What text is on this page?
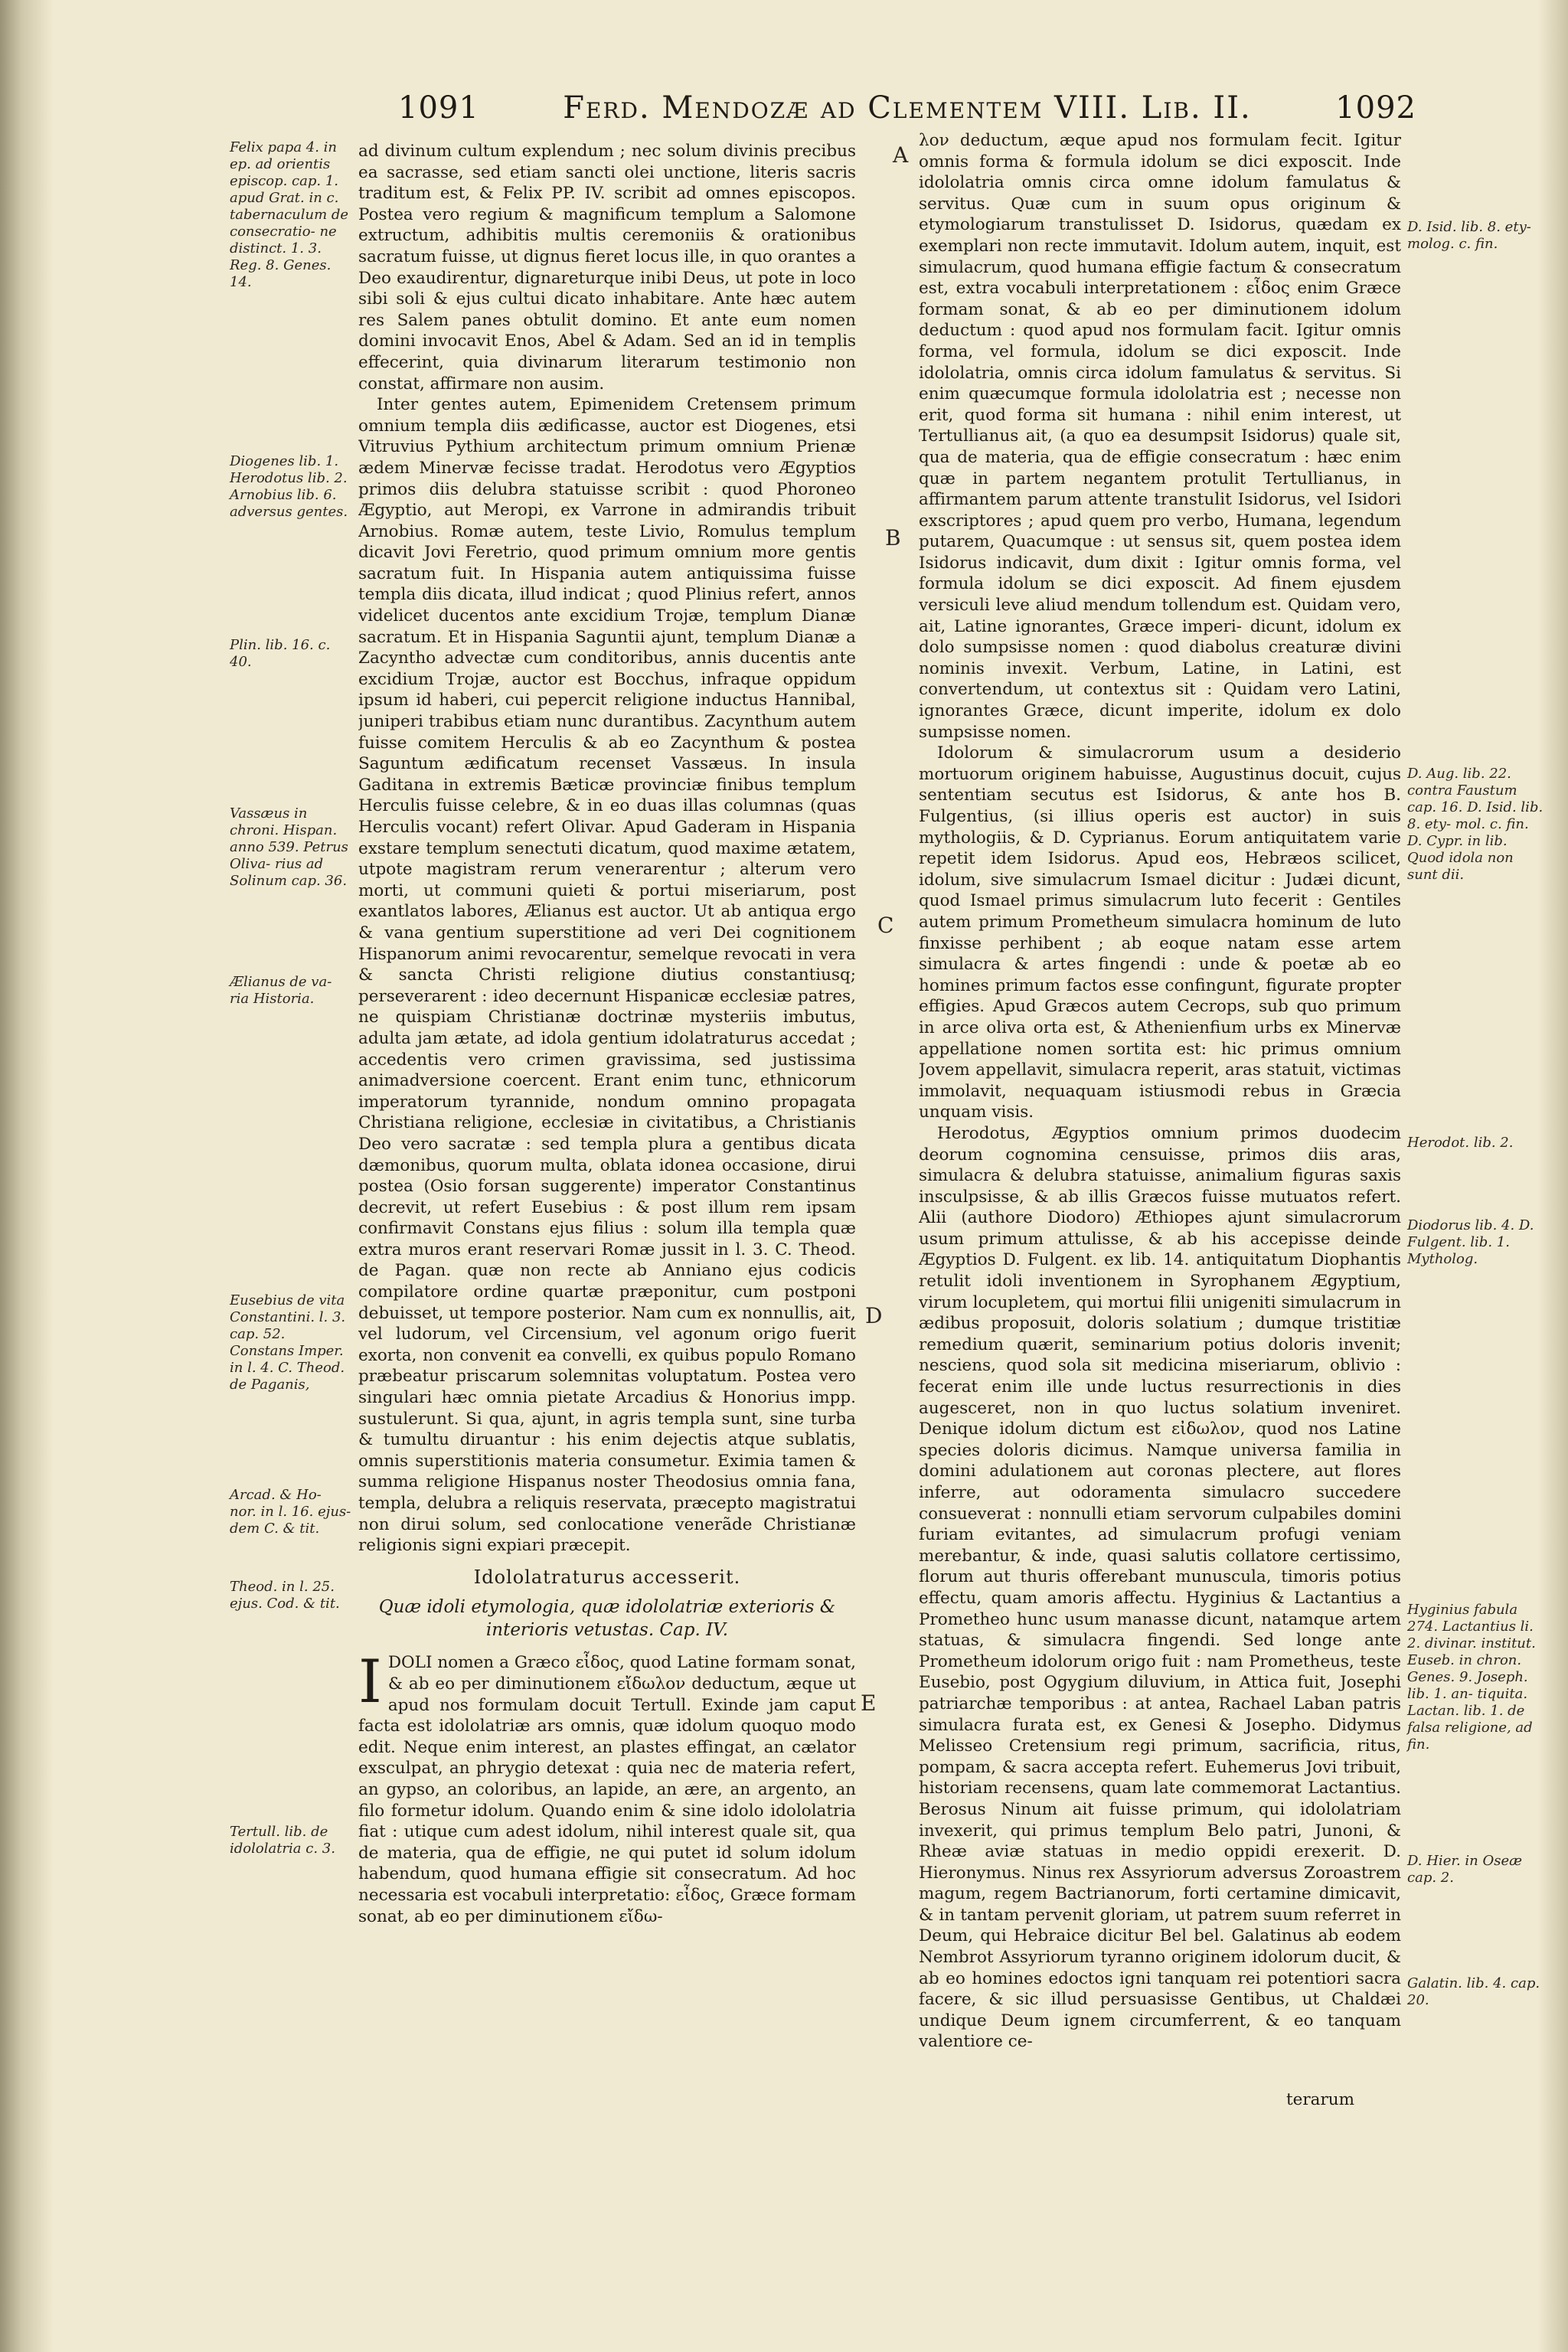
1091	Ferd. Mendozæ ad Clementem VIII. Lib. II.	1092
Felix papa 4. in ep. ad orientis episcop. cap. 1. apud Grat. in c. tabernaculum de consecratio- ne distinct. 1. 3. Reg. 8. Genes. 14.
Diogenes lib. 1. Herodotus lib. 2. Arnobius lib. 6. adversus gentes.
Plin. lib. 16. c. 40.
Vassæus in chroni. Hispan. anno 539. Petrus Oliva- rius ad Solinum cap. 36.
Ælianus de va- ria Historia.
Eusebius de vita Constantini. l. 3. cap. 52. Constans Imper. in l. 4. C. Theod. de Paganis,
Arcad. & Ho- nor. in l. 16. ejus- dem C. & tit.
Theod. in l. 25. ejus. Cod. & tit.
Tertull. lib. de idololatria c. 3.
A
B
C
D
E

ad divinum cultum explendum ; nec solum divinis precibus ea sacrasse, sed etiam sancti olei unctione, literis sacris traditum est, & Felix PP. IV. scribit ad omnes episcopos. Postea vero regium & magnificum templum a Salomone extructum, adhibitis multis ceremoniis & orationibus sacratum fuisse, ut dignus fieret locus ille, in quo orantes a Deo exaudirentur, dignareturque inibi Deus, ut pote in loco sibi soli & ejus cultui dicato inhabitare. Ante hæc autem res Salem panes obtulit domino. Et ante eum nomen domini invocavit Enos, Abel & Adam. Sed an id in templis effecerint, quia divinarum literarum testimonio non constat, affirmare non ausim.

Inter gentes autem, Epimenidem Cretensem primum omnium templa diis ædificasse, auctor est Diogenes, etsi Vitruvius Pythium architectum primum omnium Prienæ ædem Minervæ fecisse tradat. Herodotus vero Ægyptios primos diis delubra statuisse scribit : quod Phoroneo Ægyptio, aut Meropi, ex Varrone in admirandis tribuit Arnobius. Romæ autem, teste Livio, Romulus templum dicavit Jovi Feretrio, quod primum omnium more gentis sacratum fuit. In Hispania autem antiquissima fuisse templa diis dicata, illud indicat ; quod Plinius refert, annos videlicet ducentos ante excidium Trojæ, templum Dianæ sacratum. Et in Hispania Saguntii ajunt, templum Dianæ a Zacyntho advectæ cum conditoribus, annis ducentis ante excidium Trojæ, auctor est Bocchus, infraque oppidum ipsum id haberi, cui pepercit religione inductus Hannibal, juniperi trabibus etiam nunc durantibus. Zacynthum autem fuisse comitem Herculis & ab eo Zacynthum & postea Saguntum ædificatum recenset Vassæus. In insula Gaditana in extremis Bæticæ provinciæ finibus templum Herculis fuisse celebre, & in eo duas illas columnas (quas Herculis vocant) refert Olivar. Apud Gaderam in Hispania exstare templum senectuti dicatum, quod maxime ætatem, utpote magistram rerum venerarentur ; alterum vero morti, ut communi quieti & portui miseriarum, post exantlatos labores, Ælianus est auctor. Ut ab antiqua ergo & vana gentium superstitione ad veri Dei cognitionem Hispanorum animi revocarentur, semelque revocati in vera & sancta Christi religione diutius constantiusq; perseverarent : ideo decernunt Hispanicæ ecclesiæ patres, ne quispiam Christianæ doctrinæ mysteriis imbutus, adulta jam ætate, ad idola gentium idolatraturus accedat ; accedentis vero crimen gravissima, sed justissima animadversione coercent. Erant enim tunc, ethnicorum imperatorum tyrannide, nondum omnino propagata Christiana religione, ecclesiæ in civitatibus, a Christianis Deo vero sacratæ : sed templa plura a gentibus dicata dæmonibus, quorum multa, oblata idonea occasione, dirui postea (Osio forsan suggerente) imperator Constantinus decrevit, ut refert Eusebius : & post illum rem ipsam confirmavit Constans ejus filius : solum illa templa quæ extra muros erant reservari Romæ jussit in l. 3. C. Theod. de Pagan. quæ non recte ab Anniano ejus codicis compilatore ordine quartæ præponitur, cum postponi debuisset, ut tempore posterior. Nam cum ex nonnullis, ait, vel ludorum, vel Circensium, vel agonum origo fuerit exorta, non convenit ea convelli, ex quibus populo Romano præbeatur priscarum solemnitas voluptatum. Postea vero singulari hæc omnia pietate Arcadius & Honorius impp. sustulerunt. Si qua, ajunt, in agris templa sunt, sine turba & tumultu diruantur : his enim dejectis atque sublatis, omnis superstitionis materia consumetur. Eximia tamen & summa religione Hispanus noster Theodosius omnia fana, templa, delubra a reliquis reservata, præcepto magistratui non dirui solum, sed conlocatione venerãde Christianæ religionis signi expiari præcepit.

Idololatraturus accesserit.
Quæ idoli etymologia, quæ idololatriæ exterioris & interioris vetustas. Cap. IV.

IDOLI nomen a Græco εἶδος, quod Latine formam sonat, & ab eo per diminutionem εἴδωλον deductum, æque ut apud nos formulam docuit Tertull. Exinde jam caput facta est idololatriæ ars omnis, quæ idolum quoquo modo edit. Neque enim interest, an plastes effingat, an cælator exsculpat, an phrygio detexat : quia nec de materia refert, an gypso, an coloribus, an lapide, an ære, an argento, an filo formetur idolum. Quando enim & sine idolo idololatria fiat : utique cum adest idolum, nihil interest quale sit, qua de materia, qua de effigie, ne qui putet id solum idolum habendum, quod humana effigie sit consecratum. Ad hoc necessaria est vocabuli interpretatio: εἶδος, Græce formam sonat, ab eo per diminutionem εἴδω-

λον deductum, æque apud nos formulam fecit. Igitur omnis forma & formula idolum se dici exposcit. Inde idololatria omnis circa omne idolum famulatus & servitus. Quæ cum in suum opus originum & etymologiarum transtulisset D. Isidorus, quædam ex exemplari non recte immutavit. Idolum autem, inquit, est simulacrum, quod humana effigie factum & consecratum est, extra vocabuli interpretationem : εἶδος enim Græce formam sonat, & ab eo per diminutionem idolum deductum : quod apud nos formulam facit. Igitur omnis forma, vel formula, idolum se dici exposcit. Inde idololatria, omnis circa idolum famulatus & servitus. Si enim quæcumque formula idololatria est ; necesse non erit, quod forma sit humana : nihil enim interest, ut Tertullianus ait, (a quo ea desumpsit Isidorus) quale sit, qua de materia, qua de effigie consecratum : hæc enim quæ in partem negantem protulit Tertullianus, in affirmantem parum attente transtulit Isidorus, vel Isidori exscriptores ; apud quem pro verbo, Humana, legendum putarem, Quacumque : ut sensus sit, quem postea idem Isidorus indicavit, dum dixit : Igitur omnis forma, vel formula idolum se dici exposcit. Ad finem ejusdem versiculi leve aliud mendum tollendum est. Quidam vero, ait, Latine ignorantes, Græce imperi- dicunt, idolum ex dolo sumpsisse nomen : quod diabolus creaturæ divini nominis invexit. Verbum, Latine, in Latini, est convertendum, ut contextus sit : Quidam vero Latini, ignorantes Græce, dicunt imperite, idolum ex dolo sumpsisse nomen.

Idolorum & simulacrorum usum a desiderio mortuorum originem habuisse, Augustinus docuit, cujus sententiam secutus est Isidorus, & ante hos B. Fulgentius, (si illius operis est auctor) in suis mythologiis, & D. Cyprianus. Eorum antiquitatem varie repetit idem Isidorus. Apud eos, Hebræos scilicet, idolum, sive simulacrum Ismael dicitur : Judæi dicunt, quod Ismael primus simulacrum luto fecerit : Gentiles autem primum Prometheum simulacra hominum de luto finxisse perhibent ; ab eoque natam esse artem simulacra & artes fingendi : unde & poetæ ab eo homines primum factos esse confingunt, figurate propter effigies. Apud Græcos autem Cecrops, sub quo primum in arce oliva orta est, & Athenienfium urbs ex Minervæ appellatione nomen sortita est: hic primus omnium Jovem appellavit, simulacra reperit, aras statuit, victimas immolavit, nequaquam istiusmodi rebus in Græcia unquam visis.

Herodotus, Ægyptios omnium primos duodecim deorum cognomina censuisse, primos diis aras, simulacra & delubra statuisse, animalium figuras saxis insculpsisse, & ab illis Græcos fuisse mutuatos refert. Alii (authore Diodoro) Æthiopes ajunt simulacrorum usum primum attulisse, & ab his accepisse deinde Ægyptios D. Fulgent. ex lib. 14. antiquitatum Diophantis retulit idoli inventionem in Syrophanem Ægyptium, virum locupletem, qui mortui filii unigeniti simulacrum in ædibus proposuit, doloris solatium ; dumque tristitiæ remedium quærit, seminarium potius doloris invenit; nesciens, quod sola sit medicina miseriarum, oblivio : fecerat enim ille unde luctus resurrectionis in dies augesceret, non in quo luctus solatium inveniret. Denique idolum dictum est εἰδωλον, quod nos Latine species doloris dicimus. Namque universa familia in domini adulationem aut coronas plectere, aut flores inferre, aut odoramenta simulacro succedere consueverat : nonnulli etiam servorum culpabiles domini furiam evitantes, ad simulacrum profugi veniam merebantur, & inde, quasi salutis collatore certissimo, florum aut thuris offerebant munuscula, timoris potius effectu, quam amoris affectu. Hyginius & Lactantius a Prometheo hunc usum manasse dicunt, natamque artem statuas, & simulacra fingendi. Sed longe ante Prometheum idolorum origo fuit : nam Prometheus, teste Eusebio, post Ogygium diluvium, in Attica fuit, Josephi patriarchæ temporibus : at antea, Rachael Laban patris simulacra furata est, ex Genesi & Josepho. Didymus Melisseo Cretensium regi primum, sacrificia, ritus, pompam, & sacra accepta refert. Euhemerus Jovi tribuit, historiam recensens, quam late commemorat Lactantius. Berosus Ninum ait fuisse primum, qui idololatriam invexerit, qui primus templum Belo patri, Junoni, & Rheæ aviæ statuas in medio oppidi erexerit. D. Hieronymus. Ninus rex Assyriorum adversus Zoroastrem magum, regem Bactrianorum, forti certamine dimicavit, & in tantam pervenit gloriam, ut patrem suum referret in Deum, qui Hebraice dicitur Bel bel. Galatinus ab eodem Nembrot Assyriorum tyranno originem idolorum ducit, & ab eo homines edoctos igni tanquam rei potentiori sacra facere, & sic illud persuasisse Gentibus, ut Chaldæi undique Deum ignem circumferrent, & eo tanquam valentiore ce-

terarum
D. Isid. lib. 8. ety- molog. c. fin.
D. Aug. lib. 22. contra Faustum cap. 16. D. Isid. lib. 8. ety- mol. c. fin. D. Cypr. in lib. Quod idola non sunt dii.
Herodot. lib. 2.
Diodorus lib. 4. D. Fulgent. lib. 1. Mytholog.
Hyginius fabula 274. Lactantius li. 2. divinar. institut. Euseb. in chron. Genes. 9. Joseph. lib. 1. an- tiquita. Lactan. lib. 1. de falsa religione, ad fin.
D. Hier. in Oseæ cap. 2.
Galatin. lib. 4. cap. 20.
